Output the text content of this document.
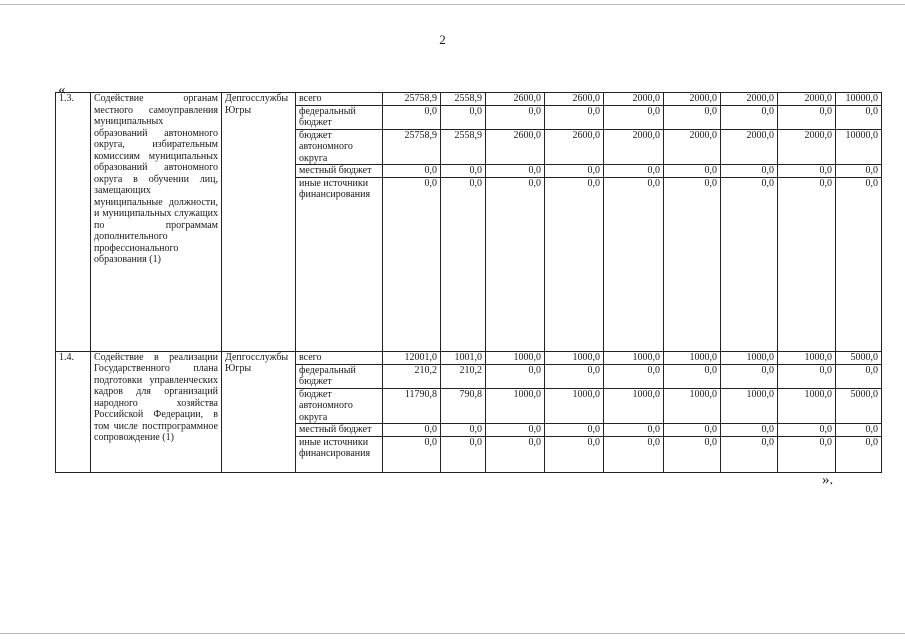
2
«
1.3.	Содействие органам местного самоуправления муниципальных образований автономного округа, избирательным комиссиям муниципальных образований автономного округа в обучении лиц, замещающих муниципальные должности, и муниципальных служащих по программам дополнительного профессионального образования (1)	Депгосслужбы Югры	всего	25758,9	2558,9	2600,0	2600,0	2000,0	2000,0	2000,0	2000,0	10000,0
			федеральный бюджет	0,0	0,0	0,0	0,0	0,0	0,0	0,0	0,0	0,0
			бюджет автономного округа	25758,9	2558,9	2600,0	2600,0	2000,0	2000,0	2000,0	2000,0	10000,0
			местный бюджет	0,0	0,0	0,0	0,0	0,0	0,0	0,0	0,0	0,0
			иные источники финансирования	0,0	0,0	0,0	0,0	0,0	0,0	0,0	0,0	0,0
1.4.	Содействие в реализации Государственного плана подготовки управленческих кадров для организаций народного хозяйства Российской Федерации, в том числе постпрограммное сопровождение (1)	Депгосслужбы Югры	всего	12001,0	1001,0	1000,0	1000,0	1000,0	1000,0	1000,0	1000,0	5000,0
			федеральный бюджет	210,2	210,2	0,0	0,0	0,0	0,0	0,0	0,0	0,0
			бюджет автономного округа	11790,8	790,8	1000,0	1000,0	1000,0	1000,0	1000,0	1000,0	5000,0
			местный бюджет	0,0	0,0	0,0	0,0	0,0	0,0	0,0	0,0	0,0
			иные источники финансирования	0,0	0,0	0,0	0,0	0,0	0,0	0,0	0,0	0,0
».
